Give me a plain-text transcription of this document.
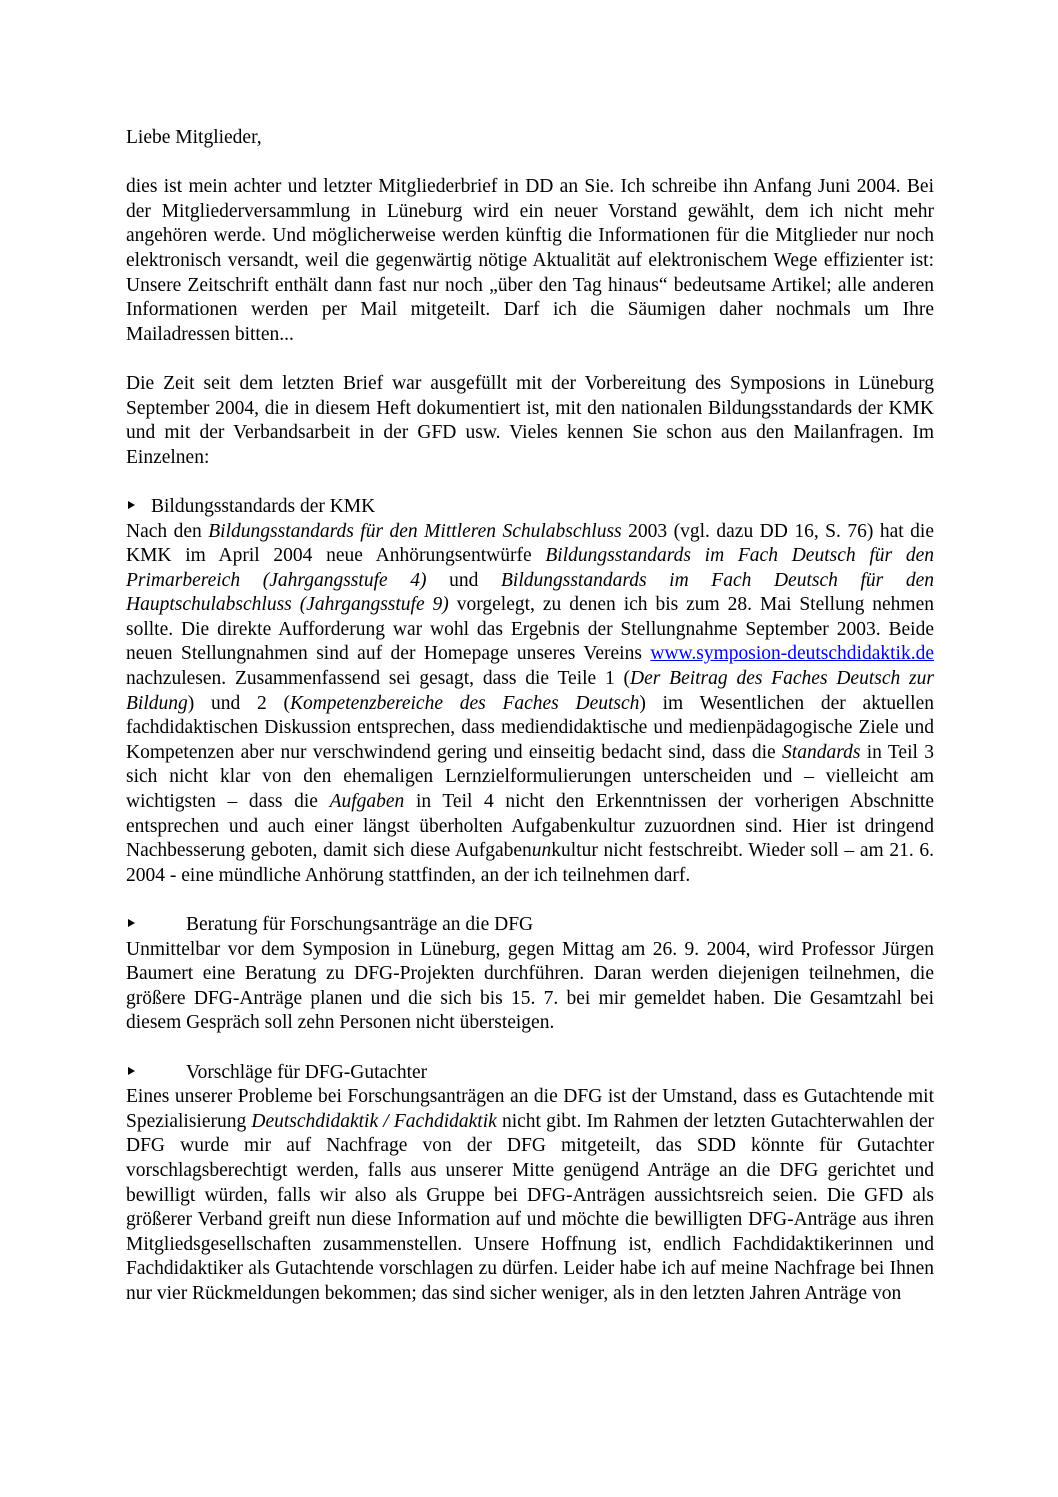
Liebe Mitglieder,

dies ist mein achter und letzter Mitgliederbrief in DD an Sie. Ich schreibe ihn Anfang Juni 2004. Bei der Mitgliederversammlung in Lüneburg wird ein neuer Vorstand gewählt, dem ich nicht mehr angehören werde. Und möglicherweise werden künftig die Informationen für die Mitglieder nur noch elektronisch versandt, weil die gegenwärtig nötige Aktualität auf elektronischem Wege effizienter ist: Unsere Zeitschrift enthält dann fast nur noch „über den Tag hinaus“ bedeutsame Artikel; alle anderen Informationen werden per Mail mitgeteilt. Darf ich die Säumigen daher nochmals um Ihre Mailadressen bitten...

Die Zeit seit dem letzten Brief war ausgefüllt mit der Vorbereitung des Symposions in Lüneburg September 2004, die in diesem Heft dokumentiert ist, mit den nationalen Bildungsstandards der KMK und mit der Verbandsarbeit in der GFD usw. Vieles kennen Sie schon aus den Mailanfragen. Im Einzelnen:

Bildungsstandards der KMK

Nach den Bildungsstandards für den Mittleren Schulabschluss 2003 (vgl. dazu DD 16, S. 76) hat die KMK im April 2004 neue Anhörungsentwürfe Bildungsstandards im Fach Deutsch für den Primarbereich (Jahrgangsstufe 4) und Bildungsstandards im Fach Deutsch für den Hauptschulabschluss (Jahrgangsstufe 9) vorgelegt, zu denen ich bis zum 28. Mai Stellung nehmen sollte. Die direkte Aufforderung war wohl das Ergebnis der Stellungnahme September 2003. Beide neuen Stellungnahmen sind auf der Homepage unseres Vereins www.symposion-deutschdidaktik.de nachzulesen. Zusammenfassend sei gesagt, dass die Teile 1 (Der Beitrag des Faches Deutsch zur Bildung) und 2 (Kompetenzbereiche des Faches Deutsch) im Wesentlichen der aktuellen fachdidaktischen Diskussion entsprechen, dass mediendidaktische und medienpädagogische Ziele und Kompetenzen aber nur verschwindend gering und einseitig bedacht sind, dass die Standards in Teil 3 sich nicht klar von den ehemaligen Lernzielformulierungen unterscheiden und – vielleicht am wichtigsten – dass die Aufgaben in Teil 4 nicht den Erkenntnissen der vorherigen Abschnitte entsprechen und auch einer längst überholten Aufgabenkultur zuzuordnen sind. Hier ist dringend Nachbesserung geboten, damit sich diese Aufgabenunkultur nicht festschreibt. Wieder soll – am 21. 6. 2004 - eine mündliche Anhörung stattfinden, an der ich teilnehmen darf.

Beratung für Forschungsanträge an die DFG

Unmittelbar vor dem Symposion in Lüneburg, gegen Mittag am 26. 9. 2004, wird Professor Jürgen Baumert eine Beratung zu DFG-Projekten durchführen. Daran werden diejenigen teilnehmen, die größere DFG-Anträge planen und die sich bis 15. 7. bei mir gemeldet haben. Die Gesamtzahl bei diesem Gespräch soll zehn Personen nicht übersteigen.

Vorschläge für DFG-Gutachter

Eines unserer Probleme bei Forschungsanträgen an die DFG ist der Umstand, dass es Gutachtende mit Spezialisierung Deutschdidaktik / Fachdidaktik nicht gibt. Im Rahmen der letzten Gutachterwahlen der DFG wurde mir auf Nachfrage von der DFG mitgeteilt, das SDD könnte für Gutachter vorschlagsberechtigt werden, falls aus unserer Mitte genügend Anträge an die DFG gerichtet und bewilligt würden, falls wir also als Gruppe bei DFG-Anträgen aussichtsreich seien. Die GFD als größerer Verband greift nun diese Information auf und möchte die bewilligten DFG-Anträge aus ihren Mitgliedsgesellschaften zusammenstellen. Unsere Hoffnung ist, endlich Fachdidaktikerinnen und Fachdidaktiker als Gutachtende vorschlagen zu dürfen. Leider habe ich auf meine Nachfrage bei Ihnen nur vier Rückmeldungen bekommen; das sind sicher weniger, als in den letzten Jahren Anträge von
